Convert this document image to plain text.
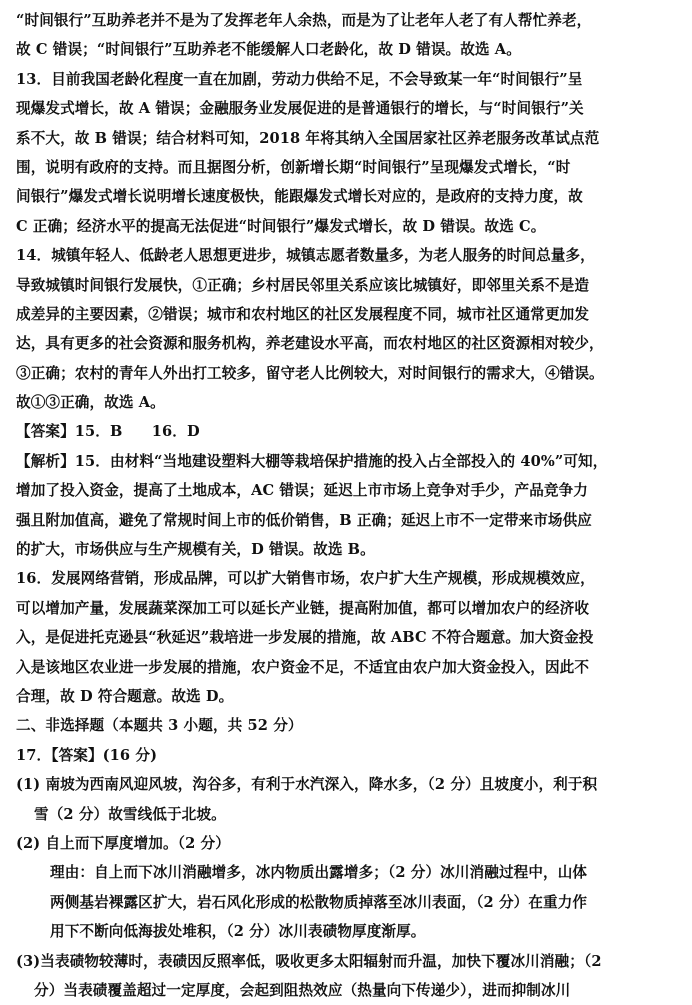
“时间银行”互助养老并不是为了发挥老年人余热，而是为了让老年人老了有人帮忙养老，
故 C 错误；“时间银行”互助养老不能缓解人口老龄化，故 D 错误。故选 A。
13．目前我国老龄化程度一直在加剧，劳动力供给不足，不会导致某一年“时间银行”呈
现爆发式增长，故 A 错误；金融服务业发展促进的是普通银行的增长，与“时间银行”关
系不大，故 B 错误；结合材料可知，2018 年将其纳入全国居家社区养老服务改革试点范
围，说明有政府的支持。而且据图分析，创新增长期“时间银行”呈现爆发式增长，“时
间银行”爆发式增长说明增长速度极快，能跟爆发式增长对应的，是政府的支持力度，故
C 正确；经济水平的提高无法促进“时间银行”爆发式增长，故 D 错误。故选 C。
14．城镇年轻人、低龄老人思想更进步，城镇志愿者数量多，为老人服务的时间总量多，
导致城镇时间银行发展快，①正确；乡村居民邻里关系应该比城镇好，即邻里关系不是造
成差异的主要因素，②错误；城市和农村地区的社区发展程度不同，城市社区通常更加发
达，具有更多的社会资源和服务机构，养老建设水平高，而农村地区的社区资源相对较少，
③正确；农村的青年人外出打工较多，留守老人比例较大，对时间银行的需求大，④错误。
故①③正确，故选 A。
【答案】15．B　　16．D
【解析】15．由材料“当地建设塑料大棚等栽培保护措施的投入占全部投入的 40%”可知，
增加了投入资金，提高了土地成本，AC 错误；延迟上市市场上竞争对手少，产品竞争力
强且附加值高，避免了常规时间上市的低价销售，B 正确；延迟上市不一定带来市场供应
的扩大，市场供应与生产规模有关，D 错误。故选 B。
16．发展网络营销，形成品牌，可以扩大销售市场，农户扩大生产规模，形成规模效应，
可以增加产量，发展蔬菜深加工可以延长产业链，提高附加值，都可以增加农户的经济收
入，是促进托克逊县“秋延迟”栽培进一步发展的措施，故 ABC 不符合题意。加大资金投
入是该地区农业进一步发展的措施，农户资金不足，不适宜由农户加大资金投入，因此不
合理，故 D 符合题意。故选 D。
二、非选择题（本题共 3 小题，共 52 分）
17．【答案】(16 分)
(1) 南坡为西南风迎风坡，沟谷多，有利于水汽深入，降水多，（2 分）且坡度小，利于积
雪（2 分）故雪线低于北坡。
(2) 自上而下厚度增加。（2 分）
理由：自上而下冰川消融增多，冰内物质出露增多；（2 分）冰川消融过程中，山体
两侧基岩裸露区扩大，岩石风化形成的松散物质掉落至冰川表面，（2 分）在重力作
用下不断向低海拔处堆积，（2 分）冰川表碛物厚度渐厚。
(3)当表碛物较薄时，表碛因反照率低，吸收更多太阳辐射而升温，加快下覆冰川消融；（2
分）当表碛覆盖超过一定厚度，会起到阻热效应（热量向下传递少），进而抑制冰川
